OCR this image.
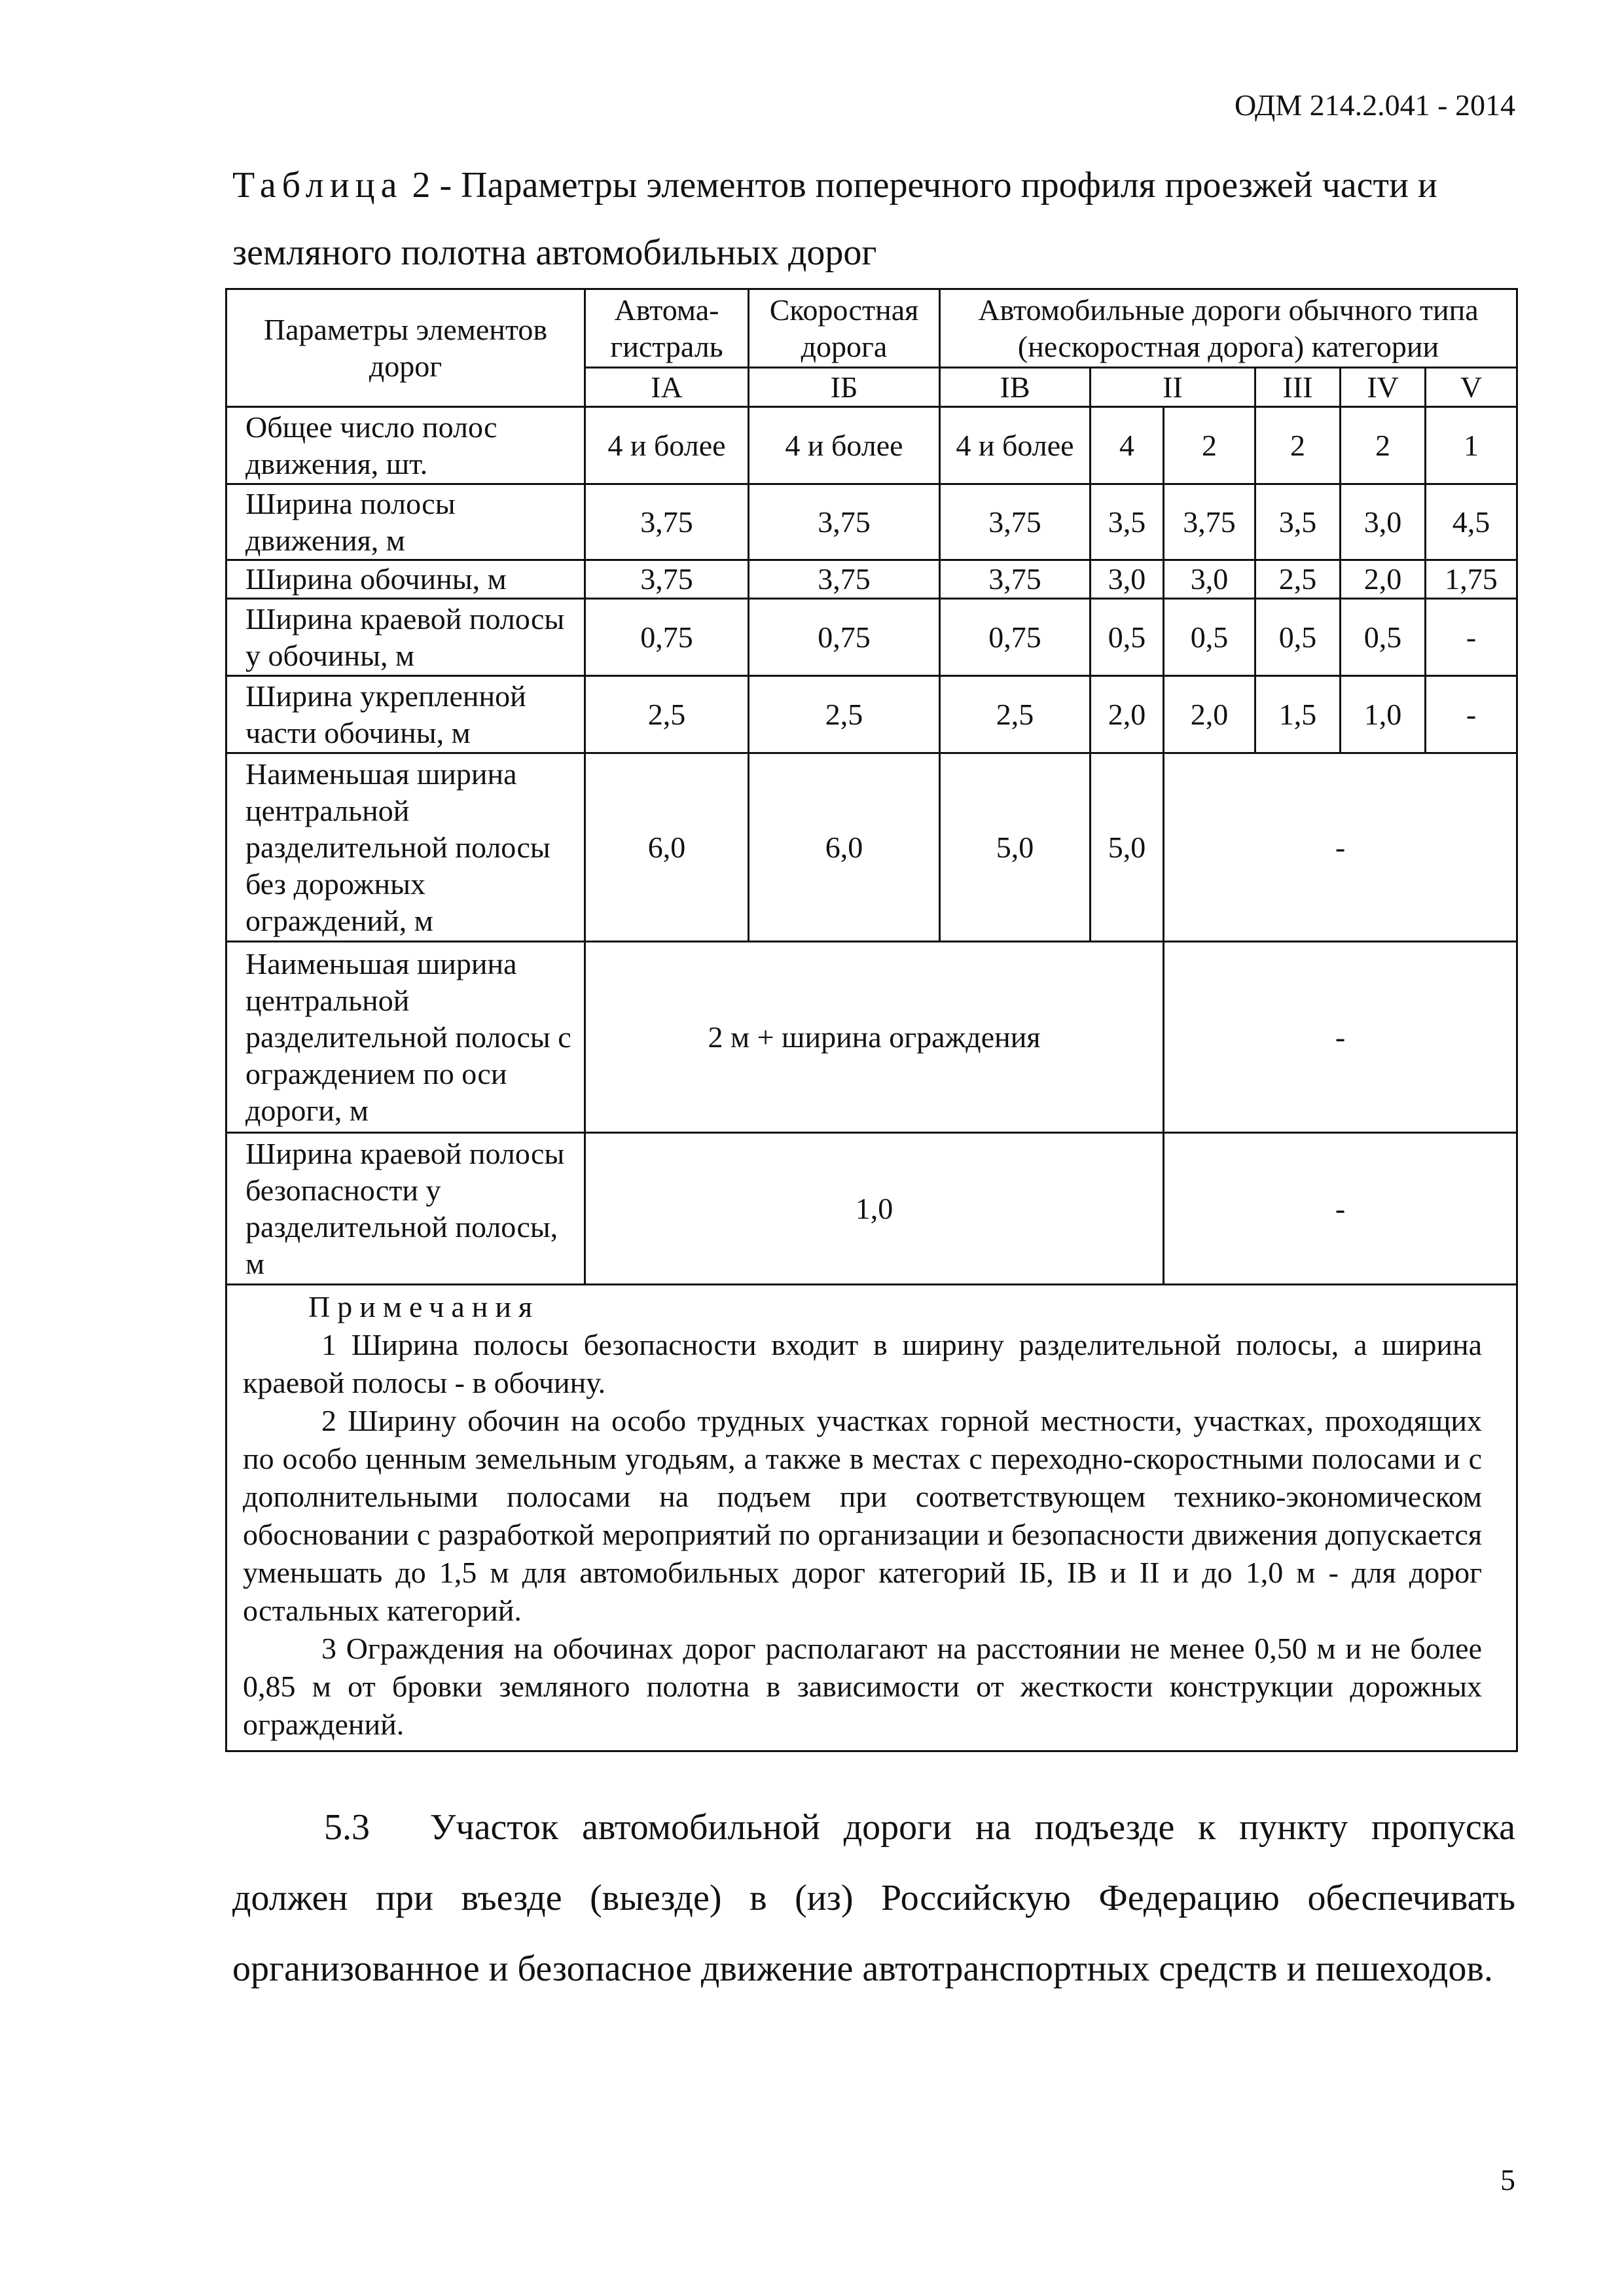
ОДМ 214.2.041 - 2014

Таблица 2 - Параметры элементов поперечного профиля проезжей части и земляного полотна автомобильных дорог

Параметры элементов дорог	Автома-гистраль	Скоростная дорога	Автомобильные дороги обычного типа (нескоростная дорога) категории					
	IА	IБ	IВ	II		III	IV	V
Общее число полос движения, шт.	4 и более	4 и более	4 и более	4	2	2	2	1
Ширина полосы движения, м	3,75	3,75	3,75	3,5	3,75	3,5	3,0	4,5
Ширина обочины, м	3,75	3,75	3,75	3,0	3,0	2,5	2,0	1,75
Ширина краевой полосы у обочины, м	0,75	0,75	0,75	0,5	0,5	0,5	0,5	-
Ширина укрепленной части обочины, м	2,5	2,5	2,5	2,0	2,0	1,5	1,0	-
Наименьшая ширина центральной разделительной полосы без дорожных ограждений, м	6,0	6,0	5,0	5,0	-			
Наименьшая ширина центральной разделительной полосы с ограждением по оси дороги, м	2 м + ширина ограждения				-			
Ширина краевой полосы безопасности у разделительной полосы, м	1,0				-			

Примечания
1 Ширина полосы безопасности входит в ширину разделительной полосы, а ширина краевой полосы - в обочину.
2 Ширину обочин на особо трудных участках горной местности, участках, проходящих по особо ценным земельным угодьям, а также в местах с переходно-скоростными полосами и с дополнительными полосами на подъем при соответствующем технико-экономическом обосновании с разработкой мероприятий по организации и безопасности движения допускается уменьшать до 1,5 м для автомобильных дорог категорий IБ, IВ и II и до 1,0 м - для дорог остальных категорий.
3 Ограждения на обочинах дорог располагают на расстоянии не менее 0,50 м и не более 0,85 м от бровки земляного полотна в зависимости от жесткости конструкции дорожных ограждений.								

5.3  Участок автомобильной дороги на подъезде к пункту пропуска должен при въезде (выезде) в (из) Российскую Федерацию обеспечивать организованное и безопасное движение автотранспортных средств и пешеходов.

5
